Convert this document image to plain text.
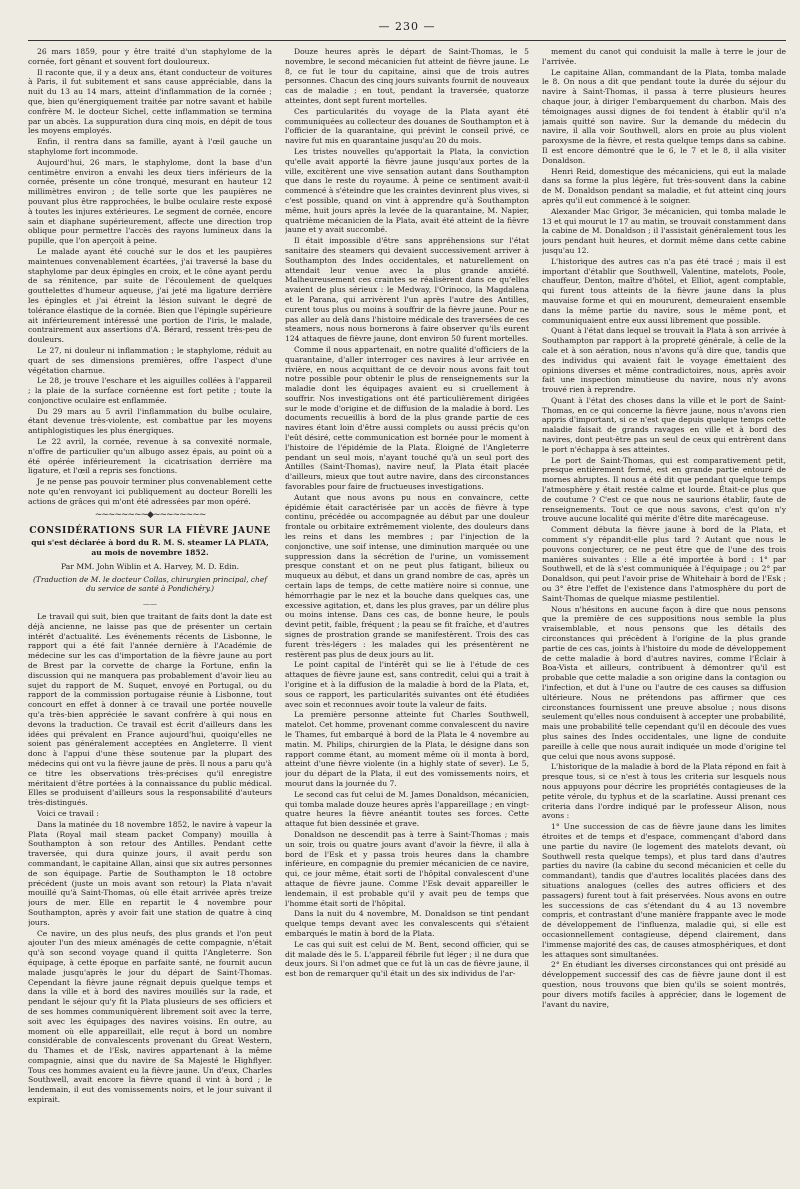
— 230 —

26 mars 1859, pour y être traité d'un staphylome de la cornée, fort gênant et souvent fort douloureux.

Il raconte que, il y a deux ans, étant conducteur de voitures à Paris, il fut subitement et sans cause appréciable, dans la nuit du 13 au 14 mars, atteint d'inflammation de la cornée ; que, bien qu'énergiquement traitée par notre savant et habile confrère M. le docteur Sichel, cette inflammation se termina par un abcès. La suppuration dura cinq mois, en dépit de tous les moyens employés.

Enfin, il rentra dans sa famille, ayant à l'œil gauche un staphylome fort incommode.

Aujourd'hui, 26 mars, le staphylome, dont la base d'un centimètre environ a envahi les deux tiers inférieurs de la cornée, présente un cône tronqué, mesurant en hauteur 12 millimètres environ ; de telle sorte que les paupières ne pouvant plus être rapprochées, le bulbe oculaire reste exposé à toutes les injures extérieures. Le segment de cornée, encore sain et diaphane supérieurement, affecte une direction trop oblique pour permettre l'accès des rayons lumineux dans la pupille, que l'on aperçoit à peine.

Le malade ayant été couché sur le dos et les paupières maintenues convenablement écartées, j'ai traversé la base du staphylome par deux épingles en croix, et le cône ayant perdu de sa rénitence, par suite de l'écoulement de quelques gouttelettes d'humeur aqueuse, j'ai jeté ma ligature derrière les épingles et j'ai étreint la lésion suivant le degré de tolérance élastique de la cornée. Bien que l'épingle supérieure ait inférieurement intéressé une portion de l'iris, le malade, contrairement aux assertions d'A. Bérard, ressent très-peu de douleurs.

Le 27, ni douleur ni inflammation ; le staphylome, réduit au quart de ses dimensions premières, offre l'aspect d'une végétation charnue.

Le 28, je trouve l'eschare et les aiguilles collées à l'appareil ; la plaie de la surface cornéenne est fort petite ; toute la conjonctive oculaire est enflammée.

Du 29 mars au 5 avril l'inflammation du bulbe oculaire, étant devenue très-violente, est combattue par les moyens antiphlogistiques les plus énergiques.

Le 22 avril, la cornée, revenue à sa convexité normale, n'offre de particulier qu'un albugo assez épais, au point où a été opérée inférieurement la cicatrisation derrière ma ligature, et l'œil a repris ses fonctions.

Je ne pense pas pouvoir terminer plus convenablement cette note qu'en renvoyant ici publiquement au docteur Borelli les actions de grâces qui m'ont été adressées par mon opéré.

~~~~~~~~◆~~~~~~~~
CONSIDÉRATIONS SUR LA FIÈVRE JAUNE
qui s'est déclarée à bord du R. M. S. steamer LA PLATA, au mois de novembre 1852.
Par MM. John Wiblin et A. Harvey, M. D. Edin.
(Traduction de M. le docteur Collas, chirurgien principal, chef du service de santé à Pondichéry.)
——

Le travail qui suit, bien que traitant de faits dont la date est déjà ancienne, ne laisse pas que de présenter un certain intérêt d'actualité. Les événements récents de Lisbonne, le rapport qui a été fait l'année dernière à l'Académie de médecine sur les cas d'importation de la fièvre jaune au port de Brest par la corvette de charge la Fortune, enfin la discussion qui ne manquera pas probablement d'avoir lieu au sujet du rapport de M. Suquet, envoyé en Portugal, ou du rapport de la commission portugaise réunie à Lisbonne, tout concourt en effet à donner à ce travail une portée nouvelle qu'a très-bien appréciée le savant confrère à qui nous en devons la traduction. Ce travail est écrit d'ailleurs dans les idées qui prévalent en France aujourd'hui, quoiqu'elles ne soient pas généralement acceptées en Angleterre. Il vient donc à l'appui d'une thèse soutenue par la plupart des médecins qui ont vu la fièvre jaune de près. Il nous a paru qu'à ce titre les observations très-précises qu'il enregistre méritaient d'être portées à la connaissance du public médical. Elles se produisent d'ailleurs sous la responsabilité d'auteurs très-distingués.

Voici ce travail :

Dans la matinée du 18 novembre 1852, le navire à vapeur la Plata (Royal mail steam packet Company) mouilla à Southampton à son retour des Antilles. Pendant cette traversée, qui dura quinze jours, il avait perdu son commandant, le capitaine Allan, ainsi que six autres personnes de son équipage. Partie de Southampton le 18 octobre précédent (juste un mois avant son retour) la Plata n'avait mouillé qu'à Saint-Thomas, où elle était arrivée après treize jours de mer. Elle en repartit le 4 novembre pour Southampton, après y avoir fait une station de quatre à cinq jours.

Ce navire, un des plus neufs, des plus grands et l'on peut ajouter l'un des mieux aménagés de cette compagnie, n'était qu'à son second voyage quand il quitta l'Angleterre. Son équipage, à cette époque en parfaite santé, ne fournit aucun malade jusqu'après le jour du départ de Saint-Thomas. Cependant la fièvre jaune régnait depuis quelque temps et dans la ville et à bord des navires mouillés sur la rade, et pendant le séjour qu'y fit la Plata plusieurs de ses officiers et de ses hommes communiquèrent librement soit avec la terre, soit avec les équipages des navires voisins. En outre, au moment où elle appareillait, elle reçut à bord un nombre considérable de convalescents provenant du Great Western, du Thames et de l'Esk, navires appartenant à la même compagnie, ainsi que du navire de Sa Majesté le Highflyer. Tous ces hommes avaient eu la fièvre jaune. Un d'eux, Charles Southwell, avait encore la fièvre quand il vint à bord ; le lendemain, il eut des vomissements noirs, et le jour suivant il expirait.

Douze heures après le départ de Saint-Thomas, le 5 novembre, le second mécanicien fut atteint de fièvre jaune. Le 8, ce fut le tour du capitaine, ainsi que de trois autres personnes. Chacun des cinq jours suivants fournit de nouveaux cas de maladie ; en tout, pendant la traversée, quatorze atteintes, dont sept furent mortelles.

Ces particularités du voyage de la Plata ayant été communiquées au collecteur des douanes de Southampton et à l'officier de la quarantaine, qui prévint le conseil privé, ce navire fut mis en quarantaine jusqu'au 20 du mois.

Les tristes nouvelles qu'apportait la Plata, la conviction qu'elle avait apporté la fièvre jaune jusqu'aux portes de la ville, excitèrent une vive sensation autant dans Southampton que dans le reste du royaume. À peine ce sentiment avait-il commencé à s'éteindre que les craintes devinrent plus vives, si c'est possible, quand on vint à apprendre qu'à Southampton même, huit jours après la levée de la quarantaine, M. Napier, quatrième mécanicien de la Plata, avait été atteint de la fièvre jaune et y avait succombé.

Il était impossible d'être sans appréhensions sur l'état sanitaire des steamers qui devaient successivement arriver à Southampton des Indes occidentales, et naturellement on attendait leur venue avec la plus grande anxiété. Malheureusement ces craintes se réalisèrent dans ce qu'elles avaient de plus sérieux : le Medway, l'Orinoco, la Magdalena et le Parana, qui arrivèrent l'un après l'autre des Antilles, curent tous plus ou moins à souffrir de la fièvre jaune. Pour ne pas aller au delà dans l'histoire médicale des traversées de ces steamers, nous nous bornerons à faire observer qu'ils eurent 124 attaques de fièvre jaune, dont environ 50 furent mortelles.

Comme il nous appartenait, en notre qualité d'officiers de la quarantaine, d'aller interroger ces navires à leur arrivée en rivière, en nous acquittant de ce devoir nous avons fait tout notre possible pour obtenir le plus de renseignements sur la maladie dont les équipages avaient eu si cruellement à souffrir. Nos investigations ont été particulièrement dirigées sur le mode d'origine et de diffusion de la maladie à bord. Les documents recueillis à bord de la plus grande partie de ces navires étant loin d'être aussi complets ou aussi précis qu'on l'eût désiré, cette communication est bornée pour le moment à l'histoire de l'épidémie de la Plata. Éloigné de l'Angleterre pendant un seul mois, n'ayant touché qu'à un seul port des Antilles (Saint-Thomas), navire neuf, la Plata était placée d'ailleurs, mieux que tout autre navire, dans des circonstances favorables pour faire de fructueuses investigations.

Autant que nous avons pu nous en convaincre, cette épidémie était caractérisée par un accès de fièvre à type continu, précédée ou accompagnée au début par une douleur frontale ou orbitaire extrêmement violente, des douleurs dans les reins et dans les membres ; par l'injection de la conjonctive, une soif intense, une diminution marquée ou une suppression dans la sécrétion de l'urine, un vomissement presque constant et on ne peut plus fatigant, bilieux ou muqueux au début, et dans un grand nombre de cas, après un certain laps de temps, de cette matière noire si connue, une hémorrhagie par le nez et la bouche dans quelques cas, une excessive agitation, et, dans les plus graves, par un délire plus ou moins intense. Dans ces cas, de bonne heure, le pouls devint petit, faible, fréquent ; la peau se fit fraîche, et d'autres signes de prostration grande se manifestèrent. Trois des cas furent très-légers : les malades qui les présentèrent ne restèrent pas plus de deux jours au lit.

Le point capital de l'intérêt qui se lie à l'étude de ces attaques de fièvre jaune est, sans contredit, celui qui a trait à l'origine et à la diffusion de la maladie à bord de la Plata, et, sous ce rapport, les particularités suivantes ont été étudiées avec soin et reconnues avoir toute la valeur de faits.

La première personne atteinte fut Charles Southwell, matelot. Cet homme, provenant comme convalescent du navire le Thames, fut embarqué à bord de la Plata le 4 novembre au matin. M. Philips, chirurgien de la Plata, le désigne dans son rapport comme étant, au moment même où il monta à bord, atteint d'une fièvre violente (in a highly state of sever). Le 5, jour du départ de la Plata, il eut des vomissements noirs, et mourut dans la journée du 7.

Le second cas fut celui de M. James Donaldson, mécanicien, qui tomba malade douze heures après l'appareillage ; en vingt-quatre heures la fièvre anéantit toutes ses forces. Cette attaque fut bien dessinée et grave.

Donaldson ne descendit pas à terre à Saint-Thomas ; mais un soir, trois ou quatre jours avant d'avoir la fièvre, il alla à bord de l'Esk et y passa trois heures dans la chambre inférieure, en compagnie du premier mécanicien de ce navire, qui, ce jour même, était sorti de l'hôpital convalescent d'une attaque de fièvre jaune. Comme l'Esk devait appareiller le lendemain, il est probable qu'il y avait peu de temps que l'homme était sorti de l'hôpital.

Dans la nuit du 4 novembre, M. Donaldson se tint pendant quelque temps devant avec les convalescents qui s'étaient embarqués le matin à bord de la Plata.

Le cas qui suit est celui de M. Bent, second officier, qui se dit malade dès le 5. L'appareil fébrile fut léger ; il ne dura que deux jours. Si l'on admet que ce fut là un cas de fièvre jaune, il est bon de remarquer qu'il était un des six individus de l'ar-

mement du canot qui conduisit la malle à terre le jour de l'arrivée.

Le capitaine Allan, commandant de la Plata, tomba malade le 8. On nous a dit que pendant toute la durée du séjour du navire à Saint-Thomas, il passa à terre plusieurs heures chaque jour, à diriger l'embarquement du charbon. Mais des témoignages aussi dignes de foi tendent à établir qu'il n'a jamais quitté son navire. Sur la demande du médecin du navire, il alla voir Southwell, alors en proie au plus violent paroxysme de la fièvre, et resta quelque temps dans sa cabine. Il est encore démontré que le 6, le 7 et le 8, il alla visiter Donaldson.

Henri Reid, domestique des mécaniciens, qui eut la malade dans sa forme la plus légère, fut très-souvent dans la cabine de M. Donaldson pendant sa maladie, et fut atteint cinq jours après qu'il eut commencé à le soigner.

Alexander Mac Grigor, 3e mécanicien, qui tomba malade le 13 et qui mourut le 17 au matin, se trouvait constamment dans la cabine de M. Donaldson ; il l'assistait généralement tous les jours pendant huit heures, et dormit même dans cette cabine jusqu'au 12.

L'historique des autres cas n'a pas été tracé ; mais il est important d'établir que Southwell, Valentine, matelots, Poole, chauffeur, Denton, maître d'hôtel, et Elliot, agent comptable, qui furent tous atteints de la fièvre jaune dans la plus mauvaise forme et qui en moururent, demeuraient ensemble dans la même partie du navire, sous le même pont, et communiquaient entre eux aussi librement que possible.

Quant à l'état dans lequel se trouvait la Plata à son arrivée à Southampton par rapport à la propreté générale, à celle de la cale et à son aération, nous n'avons qu'à dire que, tandis que des individus qui avaient fait le voyage émettaient des opinions diverses et même contradictoires, nous, après avoir fait une inspection minutieuse du navire, nous n'y avons trouvé rien à reprendre.

Quant à l'état des choses dans la ville et le port de Saint-Thomas, en ce qui concerne la fièvre jaune, nous n'avons rien appris d'important, si ce n'est que depuis quelque temps cette maladie faisait de grands ravages en ville et à bord des navires, dont peut-être pas un seul de ceux qui entrèrent dans le port n'échappa à ses atteintes.

Le port de Saint-Thomas, qui est comparativement petit, presque entièrement fermé, est en grande partie entouré de mornes abruptes. Il nous a été dit que pendant quelque temps l'atmosphère y était restée calme et lourde. Était-ce plus que de coutume ? C'est ce que nous ne saurions établir, faute de renseignements. Tout ce que nous savons, c'est qu'on n'y trouve aucune localité qui mérite d'être dite marécageuse.

Comment débuta la fièvre jaune à bord de la Plata, et comment s'y répandit-elle plus tard ? Autant que nous le pouvons conjecturer, ce ne peut être que de l'une des trois manières suivantes : Elle a été importée à bord : 1° par Southwell, et de là s'est communiquée à l'équipage ; ou 2° par Donaldson, qui peut l'avoir prise de Whitehair à bord de l'Esk ; ou 3° être l'effet de l'existence dans l'atmosphère du port de Saint-Thomas de quelque miasme pestilentiel.

Nous n'hésitons en aucune façon à dire que nous pensons que la première de ces suppositions nous semble la plus vraisemblable, et nous pensons que les détails des circonstances qui précèdent à l'origine de la plus grande partie de ces cas, joints à l'histoire du mode de développement de cette maladie à bord d'autres navires, comme l'Éclair à Boa-Vista et ailleurs, contribuent à démontrer qu'il est probable que cette maladie a son origine dans la contagion ou l'infection, et dut à l'une ou l'autre de ces causes sa diffusion ultérieure. Nous ne prétendons pas affirmer que ces circonstances fournissent une preuve absolue ; nous disons seulement qu'elles nous conduisent à accepter une probabilité, mais une probabilité telle cependant qu'il en découle des vues plus saines des Indes occidentales, une ligne de conduite pareille à celle que nous aurait indiquée un mode d'origine tel que celui que nous avons supposé.

L'historique de la maladie à bord de la Plata répond en fait à presque tous, si ce n'est à tous les criteria sur lesquels nous nous appuyons pour décrire les propriétés contagieuses de la petite vérole, du typhus et de la scarlatine. Aussi prenant ces criteria dans l'ordre indiqué par le professeur Alison, nous avons :

1° Une succession de cas de fièvre jaune dans les limites étroites et de temps et d'espace, commençant d'abord dans une partie du navire (le logement des matelots devant, où Southwell resta quelque temps), et plus tard dans d'autres parties du navire (la cabine du second mécanicien et celle du commandant), tandis que d'autres localités placées dans des situations analogues (celles des autres officiers et des passagers) furent tout à fait préservées. Nous avons en outre les successions de cas s'étendant du 4 au 13 novembre compris, et contrastant d'une manière frappante avec le mode de développement de l'influenza, maladie qui, si elle est occasionnellement contagieuse, dépend clairement, dans l'immense majorité des cas, de causes atmosphériques, et dont les attaques sont simultanées.

2° En étudiant les diverses circonstances qui ont présidé au développement successif des cas de fièvre jaune dont il est question, nous trouvons que bien qu'ils se soient montrés, pour divers motifs faciles à apprécier, dans le logement de l'avant du navire,
